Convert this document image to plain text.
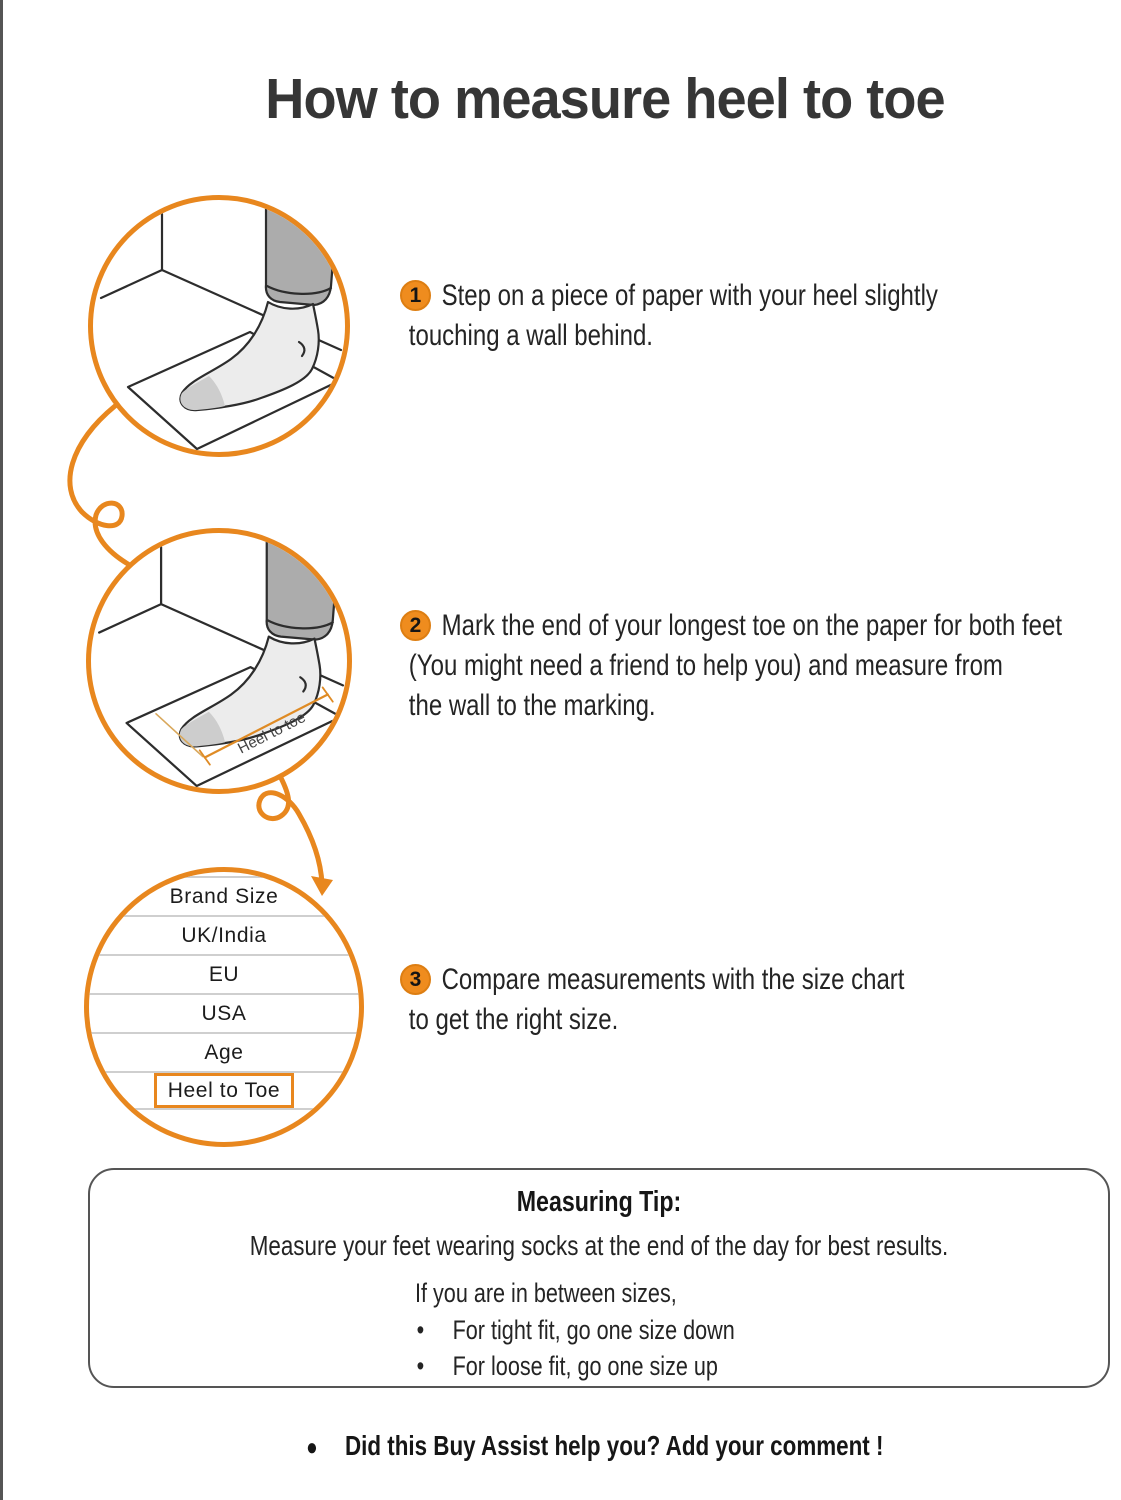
How to measure heel to toe
Heel to toe
Brand Size
UK/India
EU
USA
Age
Heel to Toe
1 Step on a piece of paper with your heel slightly
touching a wall behind.
2 Mark the end of your longest toe on the paper for both feet
(You might need a friend to help you) and measure from
the wall to the marking.
3 Compare measurements with the size chart
to get the right size.
Measuring Tip:
Measure your feet wearing socks at the end of the day for best results.
If you are in between sizes,
•	For tight fit, go one size down
•	For loose fit, go one size up
● Did this Buy Assist help you? Add your comment !
